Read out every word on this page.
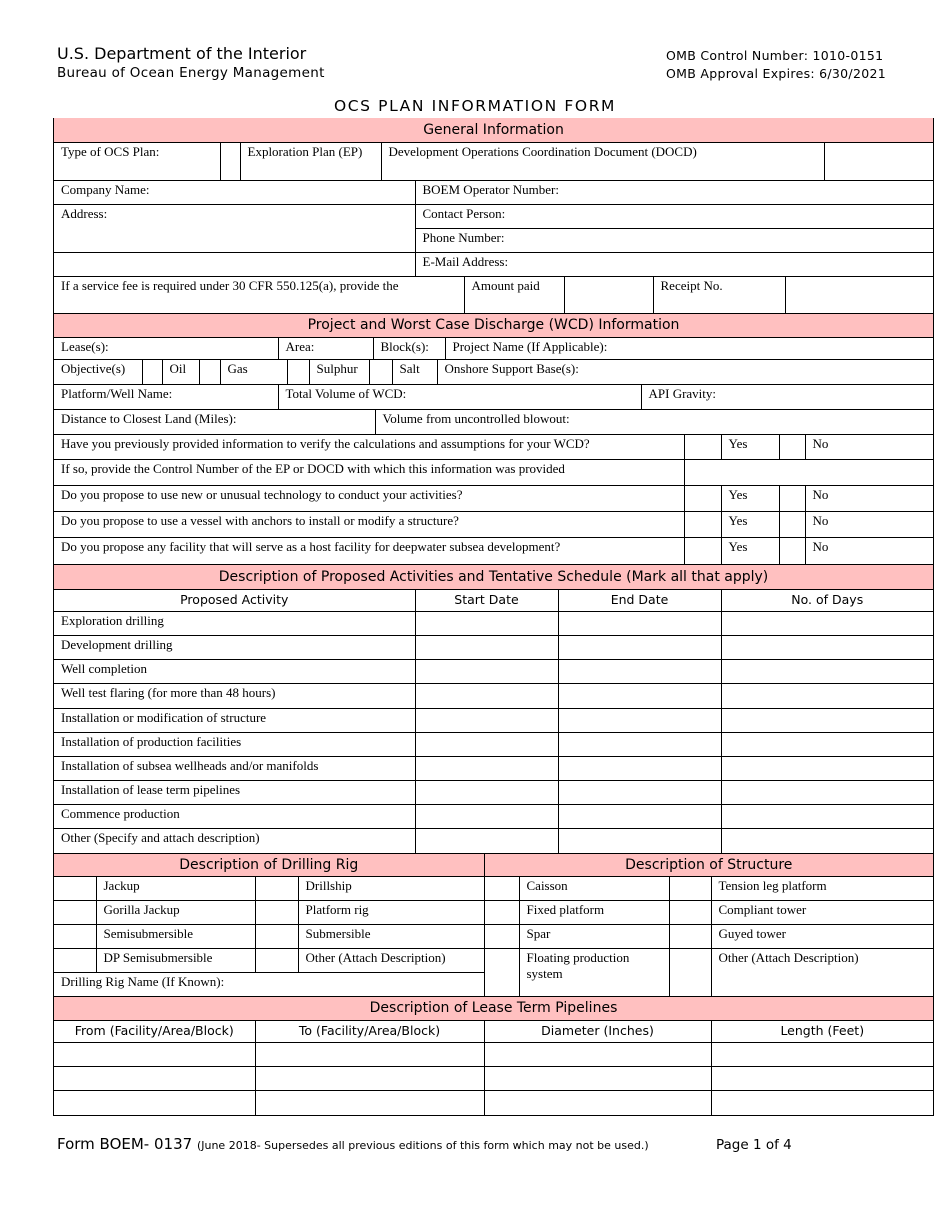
U.S. Department of the Interior
Bureau of Ocean Energy Management
OMB Control Number: 1010-0151
OMB Approval Expires: 6/30/2021
OCS PLAN INFORMATION FORM
General Information
Type of OCS Plan:		Exploration Plan (EP)	Development Operations Coordination Document (DOCD)	
Company Name:	BOEM Operator Number:
Address:	Contact Person:
	Phone Number:
	E-Mail Address:
If a service fee is required under 30 CFR 550.125(a), provide the	Amount paid		Receipt No.	
Project and Worst Case Discharge (WCD) Information
Lease(s):	Area:	Block(s):	Project Name (If Applicable):
Objective(s)		Oil		Gas		Sulphur		Salt	Onshore Support Base(s):
Platform/Well Name:	Total Volume of WCD:	API Gravity:
Distance to Closest Land (Miles):	Volume from uncontrolled blowout:
Have you previously provided information to verify the calculations and assumptions for your WCD?		Yes		No
If so, provide the Control Number of the EP or DOCD with which this information was provided				
Do you propose to use new or unusual technology to conduct your activities?		Yes		No
Do you propose to use a vessel with anchors to install or modify a structure?		Yes		No
Do you propose any facility that will serve as a host facility for deepwater subsea development?		Yes		No
Description of Proposed Activities and Tentative Schedule (Mark all that apply)			
Proposed Activity	Start Date	End Date	No. of Days
Exploration drilling			
Development drilling			
Well completion			
Well test flaring (for more than 48 hours)			
Installation or modification of structure			
Installation of production facilities			
Installation of subsea wellheads and/or manifolds			
Installation of lease term pipelines			
Commence production			
Other (Specify and attach description)			
Description of Drilling Rig				Description of Structure			
	Jackup		Drillship		Caisson		Tension leg platform
	Gorilla Jackup		Platform rig		Fixed platform		Compliant tower
	Semisubmersible		Submersible		Spar		Guyed tower
	DP Semisubmersible		Other (Attach Description)		Floating production system		Other (Attach Description)
Drilling Rig Name (If Known):							
Description of Lease Term Pipelines			
From (Facility/Area/Block)	To (Facility/Area/Block)	Diameter (Inches)	Length (Feet)

Form BOEM- 0137 (June 2018- Supersedes all previous editions of this form which may not be used.)	Page 1 of 4
